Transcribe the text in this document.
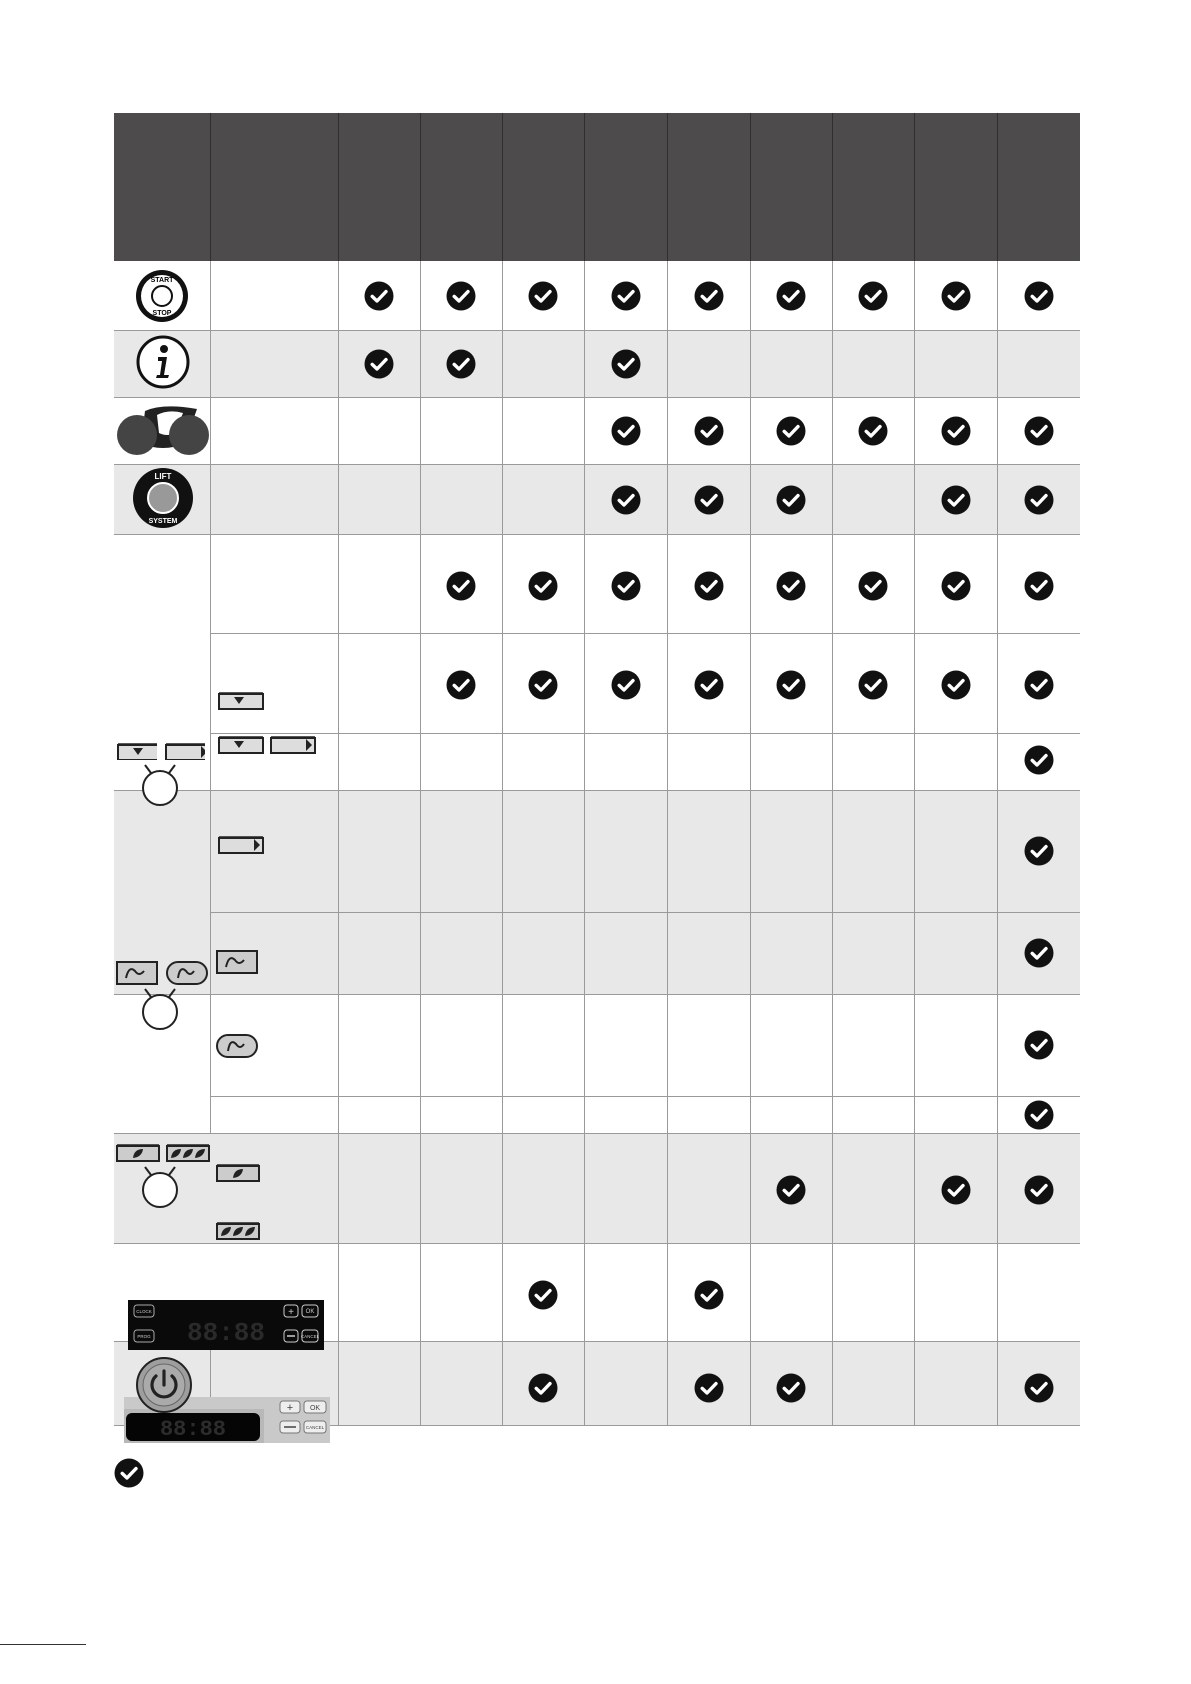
START
STOP
LIFT
SYSTEM
CLOCK
PROG 88:88
+ OK
CANCEL
88:88
+ OK
CANCEL
